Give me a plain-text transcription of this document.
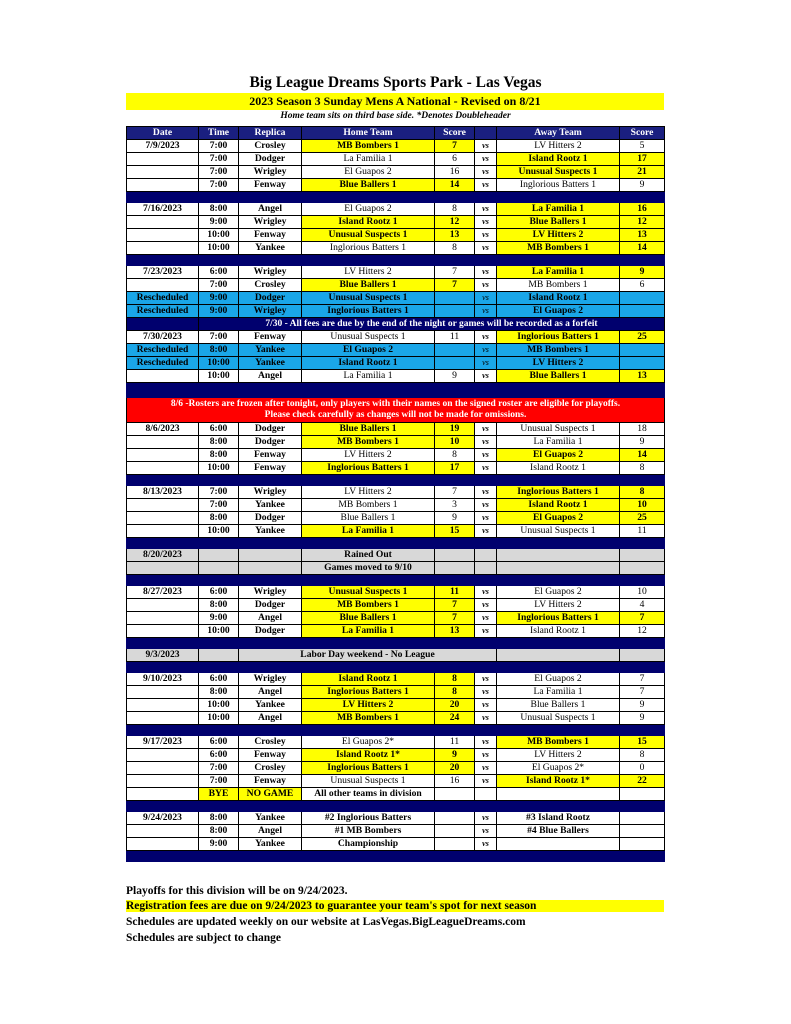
Big League Dreams Sports Park - Las Vegas
2023 Season 3 Sunday Mens A National - Revised on 8/21
Home team sits on third base side. *Denotes Doubleheader
Date	Time	Replica	Home Team	Score		Away Team	Score
7/9/2023	7:00	Crosley	MB Bombers 1	7	vs	LV Hitters 2	5
	7:00	Dodger	La Familia 1	6	vs	Island Rootz 1	17
	7:00	Wrigley	El Guapos 2	16	vs	Unusual Suspects 1	21
	7:00	Fenway	Blue Ballers 1	14	vs	Inglorious Batters 1	9

7/16/2023	8:00	Angel	El Guapos 2	8	vs	La Familia 1	16
	9:00	Wrigley	Island Rootz 1	12	vs	Blue Ballers 1	12
	10:00	Fenway	Unusual Suspects 1	13	vs	LV Hitters 2	13
	10:00	Yankee	Inglorious Batters 1	8	vs	MB Bombers 1	14

7/23/2023	6:00	Wrigley	LV Hitters 2	7	vs	La Familia 1	9
	7:00	Crosley	Blue Ballers 1	7	vs	MB Bombers 1	6
Rescheduled	9:00	Dodger	Unusual Suspects 1		vs	Island Rootz 1	
Rescheduled	9:00	Wrigley	Inglorious Batters 1		vs	El Guapos 2	
	7/30 - All fees are due by the end of the night or games will be recorded as a forfeit						
7/30/2023	7:00	Fenway	Unusual Suspects 1	11	vs	Inglorious Batters 1	25
Rescheduled	8:00	Yankee	El Guapos 2		vs	MB Bombers 1	
Rescheduled	10:00	Yankee	Island Rootz 1		vs	LV Hitters 2	
	10:00	Angel	La Familia 1	9	vs	Blue Ballers 1	13

8/6 -Rosters are frozen after tonight, only players with their names on the signed roster are eligible for playoffs.
Please check carefully as changes will not be made for omissions.							

8/6/2023	6:00	Dodger	Blue Ballers 1	19	vs	Unusual Suspects 1	18
	8:00	Dodger	MB Bombers 1	10	vs	La Familia 1	9
	8:00	Fenway	LV Hitters 2	8	vs	El Guapos 2	14
	10:00	Fenway	Inglorious Batters 1	17	vs	Island Rootz 1	8

8/13/2023	7:00	Wrigley	LV Hitters 2	7	vs	Inglorious Batters 1	8
	7:00	Yankee	MB Bombers 1	3	vs	Island Rootz 1	10
	8:00	Dodger	Blue Ballers 1	9	vs	El Guapos 2	25
	10:00	Yankee	La Familia 1	15	vs	Unusual Suspects 1	11

8/20/2023			Rained Out				
			Games moved to 9/10				

8/27/2023	6:00	Wrigley	Unusual Suspects 1	11	vs	El Guapos 2	10
	8:00	Dodger	MB Bombers 1	7	vs	LV Hitters 2	4
	9:00	Angel	Blue Ballers 1	7	vs	Inglorious Batters 1	7
	10:00	Dodger	La Familia 1	13	vs	Island Rootz 1	12

9/3/2023		Labor Day weekend - No League					

9/10/2023	6:00	Wrigley	Island Rootz 1	8	vs	El Guapos 2	7
	8:00	Angel	Inglorious Batters 1	8	vs	La Familia 1	7
	10:00	Yankee	LV Hitters 2	20	vs	Blue Ballers 1	9
	10:00	Angel	MB Bombers 1	24	vs	Unusual Suspects 1	9

9/17/2023	6:00	Crosley	El Guapos 2*	11	vs	MB Bombers 1	15
	6:00	Fenway	Island Rootz 1*	9	vs	LV Hitters 2	8
	7:00	Crosley	Inglorious Batters 1	20	vs	El Guapos 2*	0
	7:00	Fenway	Unusual Suspects 1	16	vs	Island Rootz 1*	22
	BYE	NO GAME	All other teams in division				

9/24/2023	8:00	Yankee	#2 Inglorious Batters		vs	#3 Island Rootz	
	8:00	Angel	#1 MB Bombers		vs	#4 Blue Ballers	
	9:00	Yankee	Championship		vs		

Playoffs for this division will be on 9/24/2023.
Registration fees are due on 9/24/2023 to guarantee your team's spot for next season
Schedules are updated weekly on our website at LasVegas.BigLeagueDreams.com
Schedules are subject to change
